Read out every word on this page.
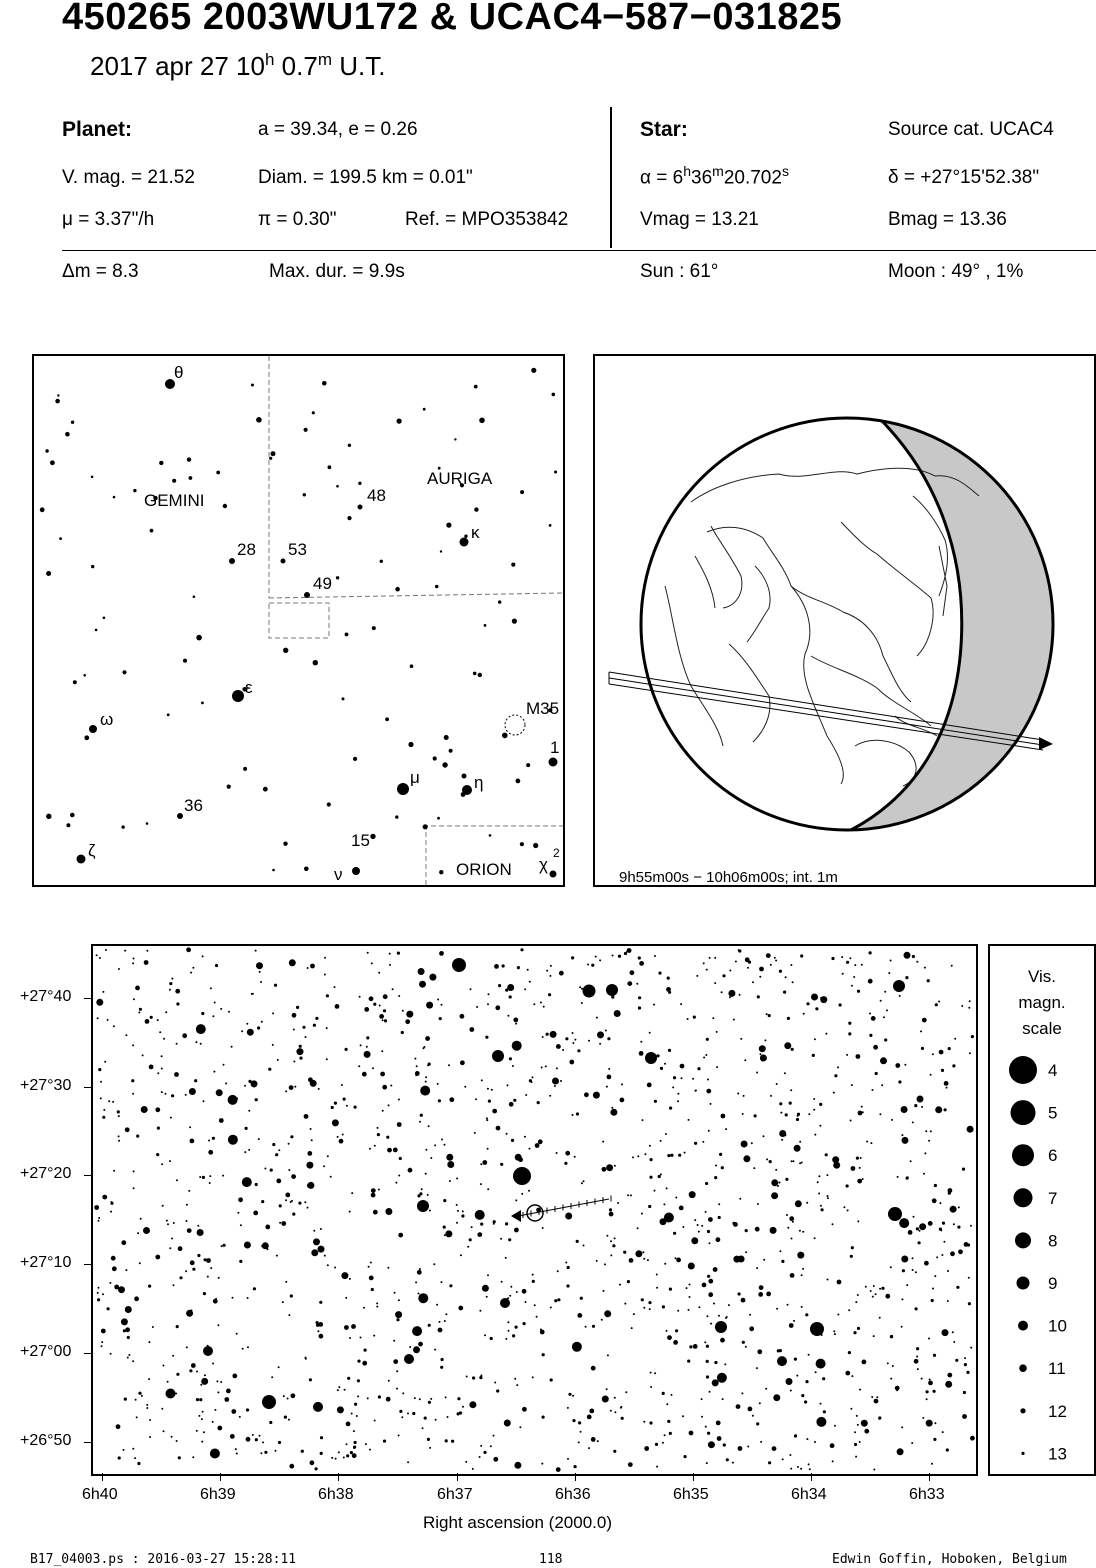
450265 2003WU172 & UCAC4−587−031825
2017 apr 27 10$^h$ 0.7$^m$ U.T.
Planet:	a = 39.34, e = 0.26
V. mag. = 21.52	Diam. = 199.5 km = 0.01"
μ = 3.37"/h	π = 0.30"	Ref. = MPO353842
Star:	Source cat. UCAC4
$\alpha = 6^h36^m20.702^s$	δ = +27°15'52.38"
Vmag = 13.21	Bmag = 13.36
Δm = 8.3	Max. dur. = 9.9s	Sun : 61°	Moon : 49° , 1%
GEMINI
AURIGA
ORION
θ
κ
ε
ω
ζ
μ	η
ν
χ
2
48
28 53
49
36
15
1
M35
9h55m00s − 10h06m00s; int. 1m
6h40	6h39	6h38	6h37	6h36	6h35	6h34	6h33
+27°40
+27°30
+27°20
+27°10
+27°00
+26°50
Right ascension (2000.0)
Vis.
magn.
scale
4
5
6
7
8
9
10
11
12
13
B17_04003.ps : 2016-03-27 15:28:11	118	Edwin Goffin, Hoboken, Belgium
